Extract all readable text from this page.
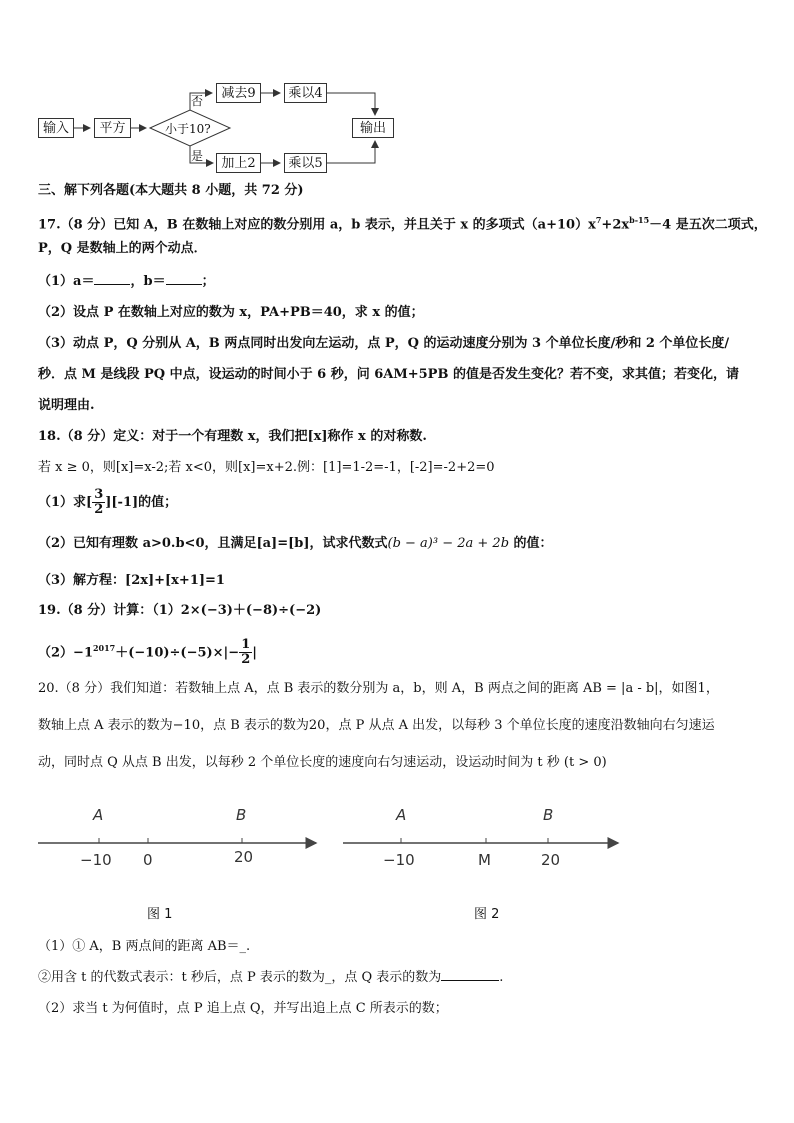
输入	平方	小于10?
否
是
减去9	乘以4
加上2	乘以5
输出
三、解下列各题(本大题共 8 小题，共 72 分)
17.（8 分）已知 A，B 在数轴上对应的数分别用 a，b 表示，并且关于 x 的多项式$(a+10)x^7+2x^{b-15}-4$ 是五次二项式，
P，Q 是数轴上的两个动点．
（1）a＝	，b＝	；
（2）设点 P 在数轴上对应的数为 x，PA+PB＝40，求 x 的值；
（3）动点 P，Q 分别从 A，B 两点同时出发向左运动，点 P，Q 的运动速度分别为 3 个单位长度/秒和 2 个单位长度/
秒．点 M 是线段 PQ 中点，设运动的时间小于 6 秒，问 6AM+5PB 的值是否发生变化？若不变，求其值；若变化，请
说明理由.
18.（8 分）定义：对于一个有理数 x，我们把[x]称作 x 的对称数.
若 x ≥ 0，则[x]=x-2;若 x<0，则[x]=x+2.例：[1]=1-2=-1，[-2]=-2+2=0
（1）求[ $\frac{3}{2} ][-1]$的值；
（2）已知有理数 a>0.b<0，且满足[a]=[b]，试求代数式(b − a)³ − 2a + 2b 的值：
（3）解方程：[2x]+[x+1]=1
19.（8 分）计算：（1）2×(−3)＋(−8)÷(−2)
$(2)-1^{2017}+(-10)\div(-5)\times|- \frac{1}{2}$ |
20.（8 分）我们知道：若数轴上点 A，点 B 表示的数分别为 a，b，则 A，B 两点之间的距离 AB = |a - b|，如图1，
数轴上点 A 表示的数为−10，点 B 表示的数为20，点 P 从点 A 出发，以每秒 3 个单位长度的速度沿数轴向右匀速运
动，同时点 Q 从点 B 出发，以每秒 2 个单位长度的速度向右匀速运动，设运动时间为 t 秒 (t > 0)
A	B
−10 0	20
图 1
A	B
−10	M	20
图 2
（1）① A，B 两点间的距离 AB＝_.
②用含 t 的代数式表示：t 秒后，点 P 表示的数为_，点 Q 表示的数为	.
（2）求当 t 为何值时，点 P 追上点 Q，并写出追上点 C 所表示的数；
